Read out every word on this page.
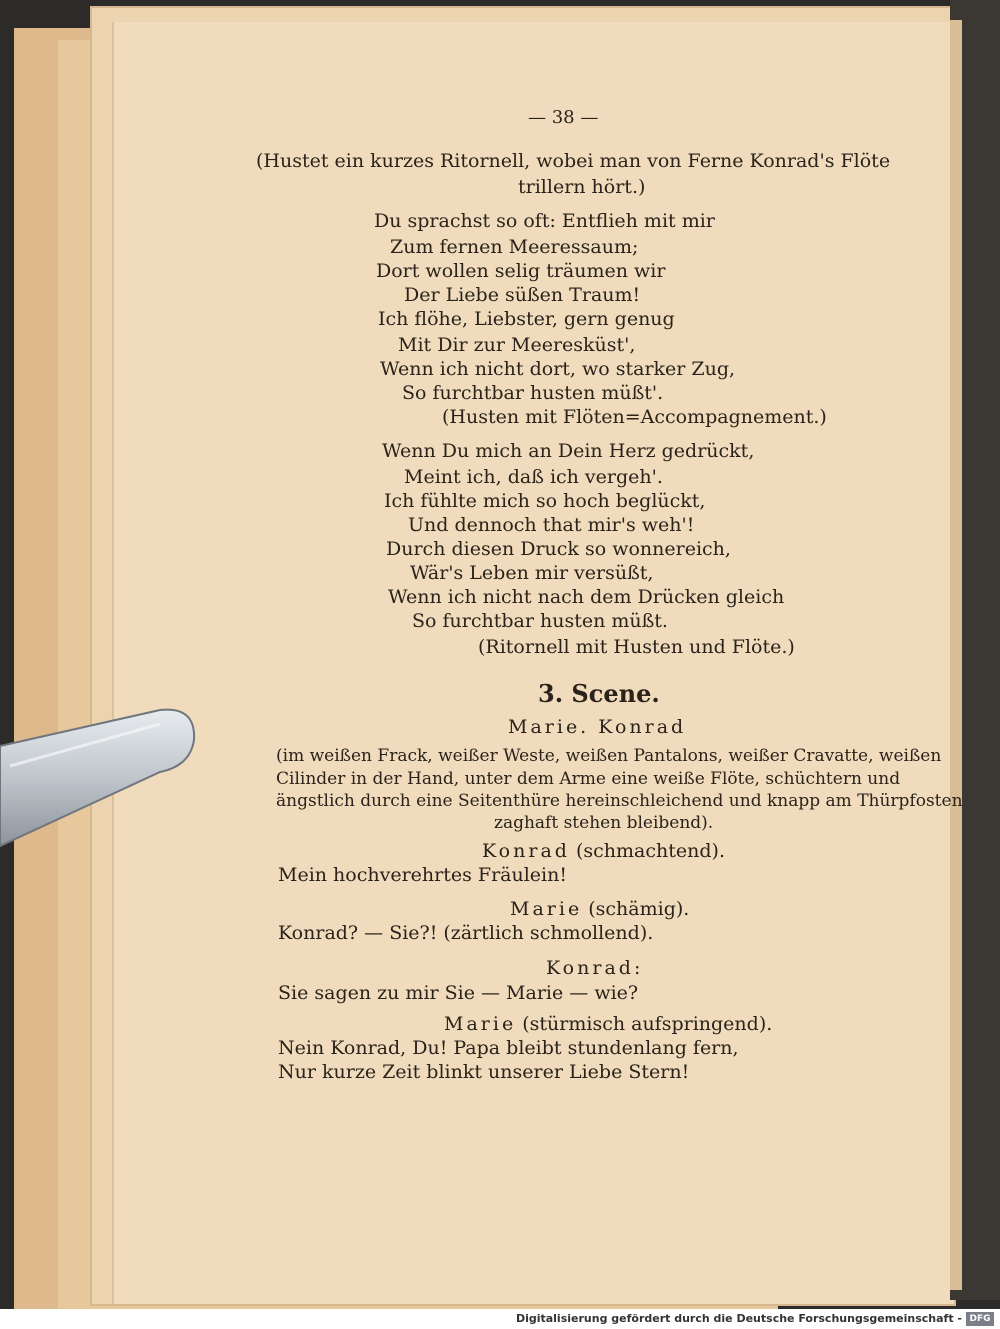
— 38 —
(Hustet ein kurzes Ritornell, wobei man von Ferne Konrad's Flöte
trillern hört.)
Du sprachst so oft: Entflieh mit mir
Zum fernen Meeressaum;
Dort wollen selig träumen wir
Der Liebe süßen Traum!
Ich flöhe, Liebster, gern genug
Mit Dir zur Meeresküst',
Wenn ich nicht dort, wo starker Zug,
So furchtbar husten müßt'.
(Husten mit Flöten=Accompagnement.)
Wenn Du mich an Dein Herz gedrückt,
Meint ich, daß ich vergeh'.
Ich fühlte mich so hoch beglückt,
Und dennoch that mir's weh'!
Durch diesen Druck so wonnereich,
Wär's Leben mir versüßt,
Wenn ich nicht nach dem Drücken gleich
So furchtbar husten müßt.
(Ritornell mit Husten und Flöte.)
3. Scene.
Marie. Konrad
(im weißen Frack, weißer Weste, weißen Pantalons, weißer Cravatte, weißen
Cilinder in der Hand, unter dem Arme eine weiße Flöte, schüchtern und
ängstlich durch eine Seitenthüre hereinschleichend und knapp am Thürpfosten
zaghaft stehen bleibend).
Konrad (schmachtend).
Mein hochverehrtes Fräulein!
Marie (schämig).
Konrad? — Sie?! (zärtlich schmollend).
Konrad:
Sie sagen zu mir Sie — Marie — wie?
Marie (stürmisch aufspringend).
Nein Konrad, Du! Papa bleibt stundenlang fern,
Nur kurze Zeit blinkt unserer Liebe Stern!
Digitalisierung gefördert durch die Deutsche Forschungsgemeinschaft - DFG
